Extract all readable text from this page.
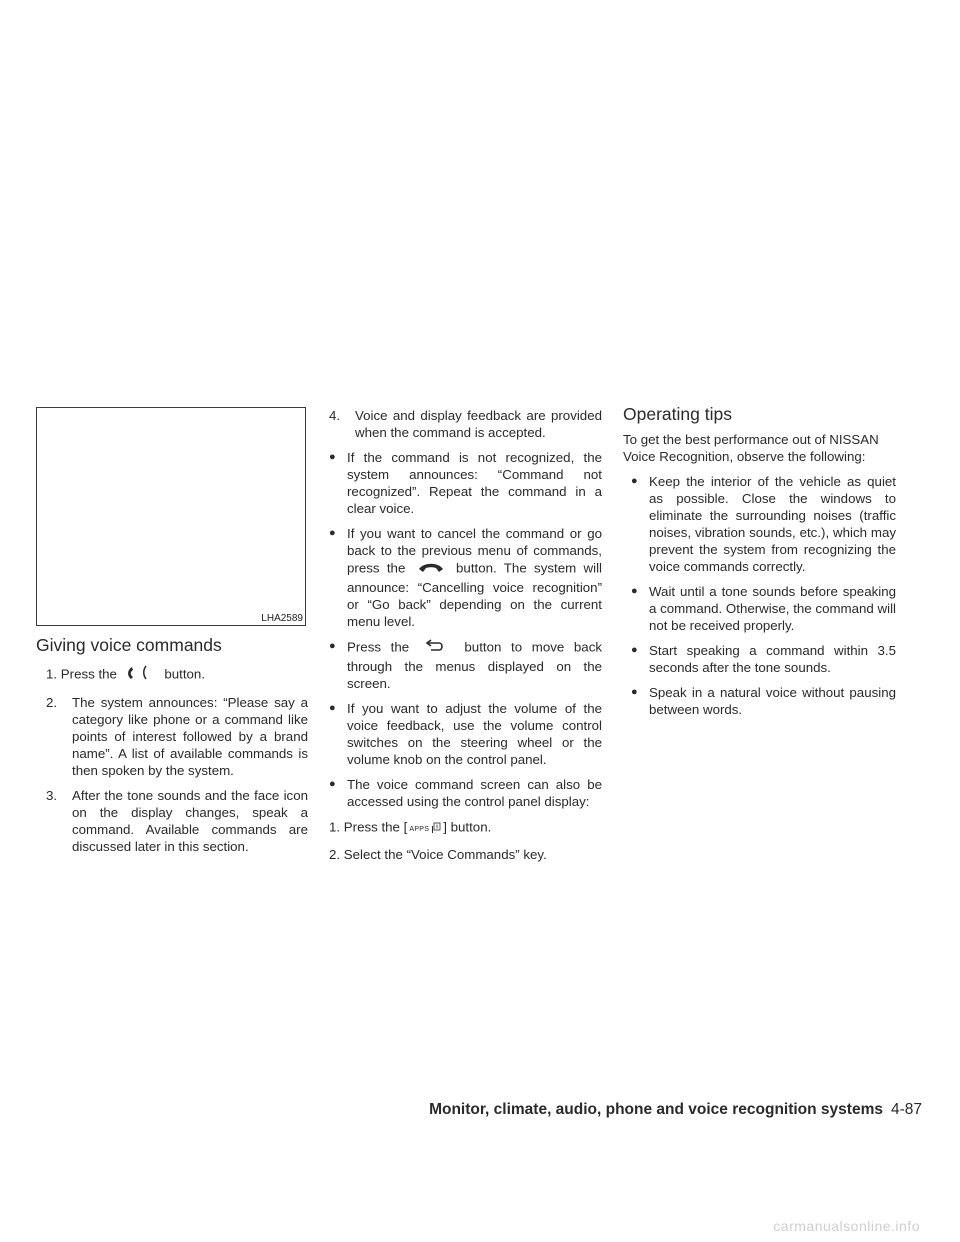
LHA2589
Giving voice commands
1. Press the	button.
2.	The system announces: “Please say a category like phone or a command like points of interest followed by a brand name”. A list of available commands is then spoken by the system.
3.	After the tone sounds and the face icon on the display changes, speak a command. Available commands are discussed later in this section.
4.	Voice and display feedback are provided when the command is accepted.
● If the command is not recognized, the system announces: “Command not recognized”. Repeat the command in a clear voice.
● If you want to cancel the command or go back to the previous menu of commands, press the	button. The system will announce: “Cancelling voice recognition” or “Go back” depending on the current menu level.
● Press the	button to move back through the menus displayed on the screen.
● If you want to adjust the volume of the voice feedback, use the volume control switches on the steering wheel or the volume knob on the control panel.
● The voice command screen can also be accessed using the control panel display:

1. Press the [ APPS ] button.

2. Select the “Voice Commands” key.

Operating tips

To get the best performance out of NISSAN Voice Recognition, observe the following:

● Keep the interior of the vehicle as quiet as possible. Close the windows to eliminate the surrounding noises (traffic noises, vibration sounds, etc.), which may prevent the system from recognizing the voice commands correctly.
● Wait until a tone sounds before speaking a command. Otherwise, the command will not be received properly.
● Start speaking a command within 3.5 seconds after the tone sounds.
● Speak in a natural voice without pausing between words.
Monitor, climate, audio, phone and voice recognition systems 4-87
carmanualsonline.info
